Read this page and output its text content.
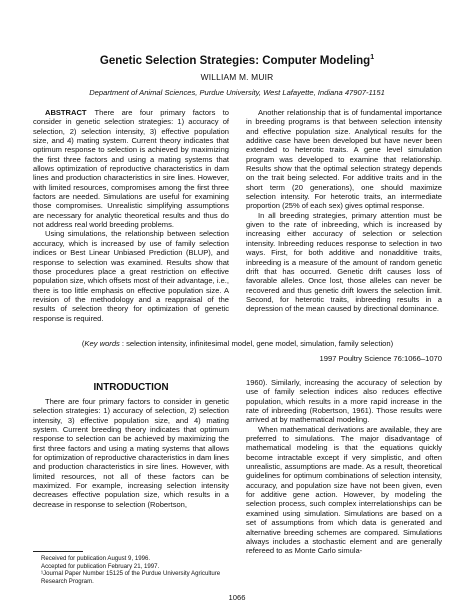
Genetic Selection Strategies: Computer Modeling$^1$
WILLIAM M. MUIR
Department of Animal Sciences, Purdue University, West Lafayette, Indiana 47907-1151

ABSTRACT There are four primary factors to consider in genetic selection strategies: 1) accuracy of selection, 2) selection intensity, 3) effective population size, and 4) mating system. Current theory indicates that optimum response to selection is achieved by maximizing the first three factors and using a mating systems that allows optimization of reproductive characteristics in dam lines and production characteristics in sire lines. However, with limited resources, compromises among the first three factors are needed. Simulations are useful for examining those compromises. Unrealistic simplifying assumptions are necessary for analytic theoretical results and thus do not address real world breeding problems.

Using simulations, the relationship between selection accuracy, which is increased by use of family selection indices or Best Linear Unbiased Prediction (BLUP), and response to selection was examined. Results show that those procedures place a great restriction on effective population size, which offsets most of their advantage, i.e., there is too little emphasis on effective population size. A revision of the methodology and a reappraisal of the results of selection theory for optimization of genetic response is required.

Another relationship that is of fundamental importance in breeding programs is that between selection intensity and effective population size. Analytical results for the additive case have been developed but have never been extended to heterotic traits. A gene level simulation program was developed to examine that relationship. Results show that the optimal selection strategy depends on the trait being selected. For additive traits and in the short term (20 generations), one should maximize selection intensity. For heterotic traits, an intermediate proportion (25% of each sex) gives optimal response.

In all breeding strategies, primary attention must be given to the rate of inbreeding, which is increased by increasing either accuracy of selection or selection intensity. Inbreeding reduces response to selection in two ways. First, for both additive and nonadditive traits, inbreeding is a measure of the amount of random genetic drift that has occurred. Genetic drift causes loss of favorable alleles. Once lost, those alleles can never be recovered and thus genetic drift lowers the selection limit. Second, for heterotic traits, inbreeding results in a depression of the mean caused by directional dominance.

(Key words : selection intensity, infinitesimal model, gene model, simulation, family selection)
1997 Poultry Science 76:1066–1070
INTRODUCTION

There are four primary factors to consider in genetic selection strategies: 1) accuracy of selection, 2) selection intensity, 3) effective population size, and 4) mating system. Current breeding theory indicates that optimum response to selection can be achieved by maximizing the first three factors and using a mating systems that allows for optimization of reproductive characteristics in dam lines and production characteristics in sire lines. However, with limited resources, not all of these factors can be maximized. For example, increasing selection intensity decreases effective population size, which results in a decrease in response to selection (Robertson,

1960). Similarly, increasing the accuracy of selection by use of family selection indices also reduces effective population, which results in a more rapid increase in the rate of inbreeding (Robertson, 1961). Those results were arrived at by mathematical modeling.

When mathematical derivations are available, they are preferred to simulations. The major disadvantage of mathematical modeling is that the equations quickly become intractable except if very simplistic, and often unrealistic, assumptions are made. As a result, theoretical guidelines for optimum combinations of selection intensity, accuracy, and population size have not been given, even for additive gene action. However, by modeling the selection process, such complex interrelationships can be examined using simulation. Simulations are based on a set of assumptions from which data is generated and alternative breeding schemes are compared. Simulations always includes a stochastic element and are generally refereed to as Monte Carlo simula-

Received for publication August 9, 1996.

Accepted for publication February 21, 1997.

¹Journal Paper Number 15125 of the Purdue University Agriculture Research Program.

1066
